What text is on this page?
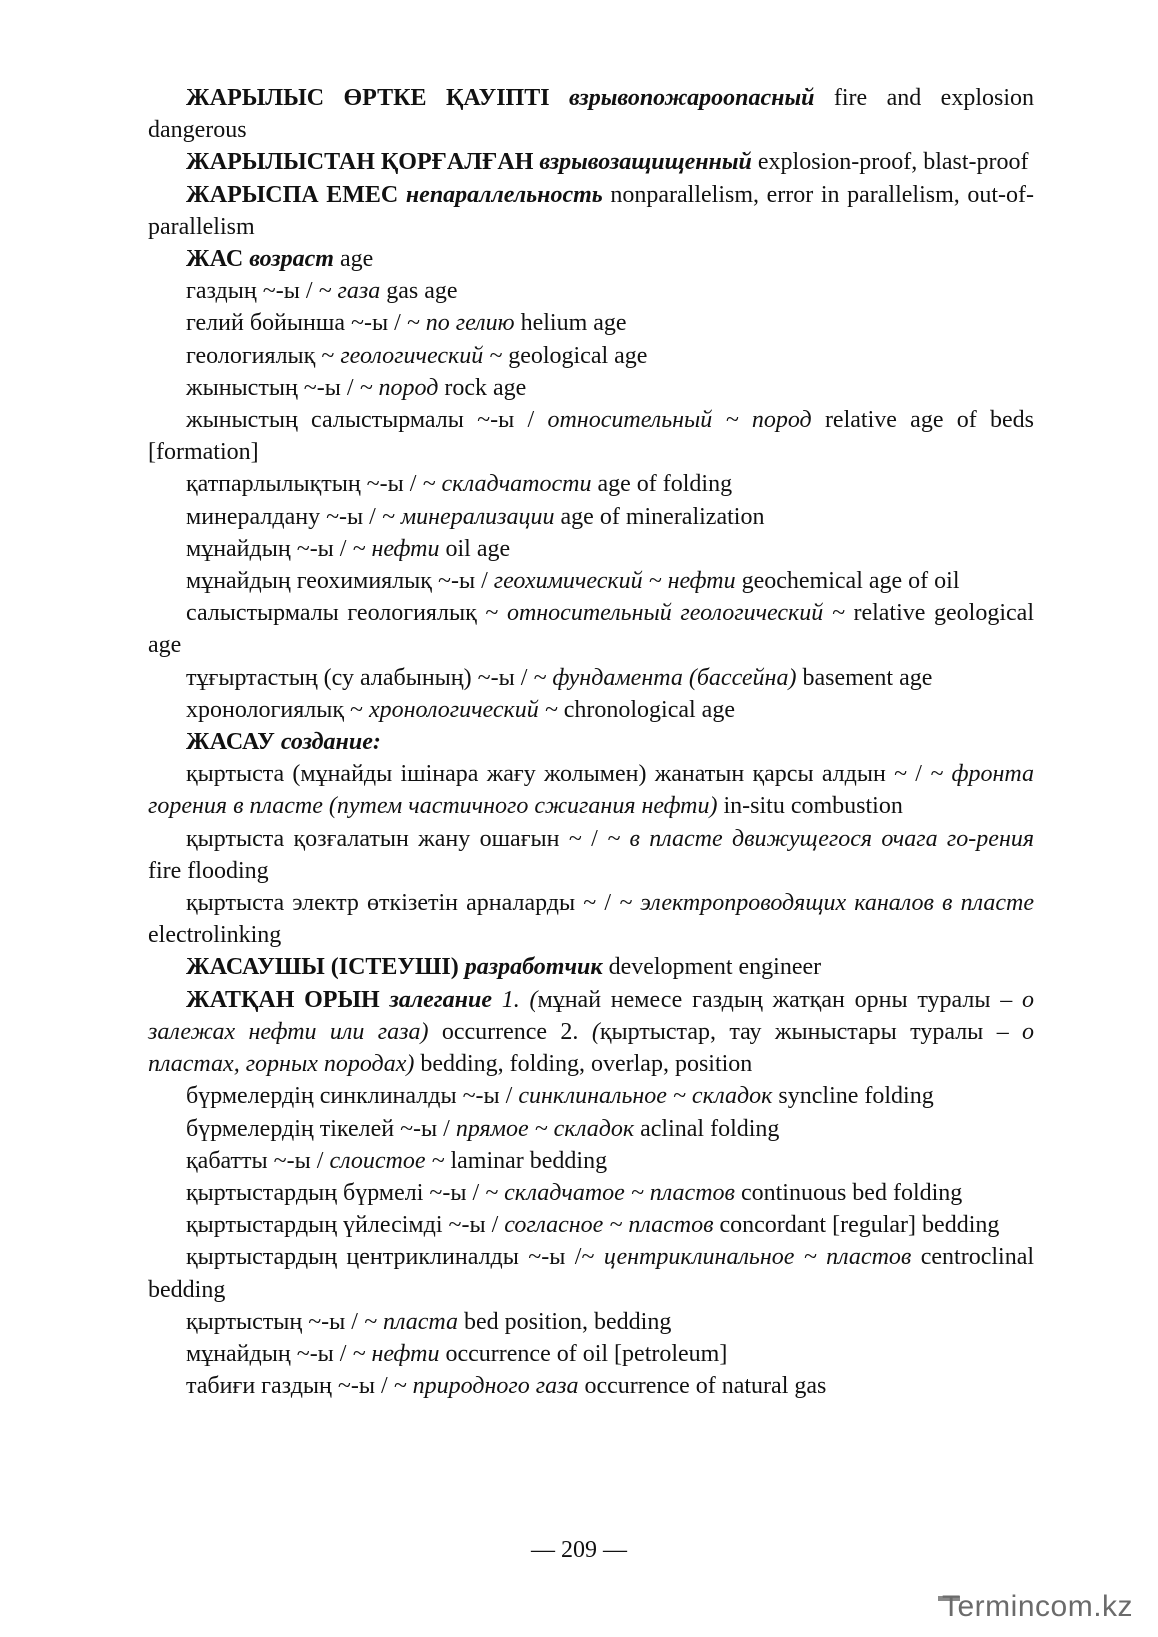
ЖАРЫЛЫС ӨРТКЕ ҚАУІПТІ взрывопожароопасный fire and explosion dangerous

ЖАРЫЛЫСТАН ҚОРҒАЛҒАН взрывозащищенный explosion-proof, blast-proof

ЖАРЫСПА ЕМЕС непараллельность nonparallelism, error in parallelism, out-of-parallelism

ЖАС возраст age

газдың ~-ы / ~ газа gas age

гелий бойынша ~-ы / ~ по гелию helium age

геологиялық ~ геологический ~ geological age

жыныстың ~-ы / ~ пород rock age

жыныстың салыстырмалы ~-ы / относительный ~ пород relative age of beds [formation]

қатпарлылықтың ~-ы / ~ складчатости age of folding

минералдану ~-ы / ~ минерализации age of mineralization

мұнайдың ~-ы / ~ нефти oil age

мұнайдың геохимиялық ~-ы / геохимический ~ нефти geochemical age of oil

салыстырмалы геологиялық ~ относительный геологический ~ relative geological age

тұғыртастың (су алабының) ~-ы / ~ фундамента (бассейна) basement age

хронологиялық ~ хронологический ~ chronological age

ЖАСАУ создание:

қыртыста (мұнайды ішінара жағу жолымен) жанатын қарсы алдын ~ / ~ фронта горения в пласте (путем частичного сжигания нефти) in-situ combustion

қыртыста қозғалатын жану ошағын ~ / ~ в пласте движущегося очага го-рения fire flooding

қыртыста электр өткізетін арналарды ~ / ~ электропроводящих каналов в пласте electrolinking

ЖАСАУШЫ (ІСТЕУШІ) разработчик development engineer

ЖАТҚАН ОРЫН залегание 1. (мұнай немесе газдың жатқан орны туралы – о залежах нефти или газа) occurrence 2. (қыртыстар, тау жыныстары туралы – о пластах, горных породах) bedding, folding, overlap, position

бүрмелердің синклиналды ~-ы / синклинальное ~ складок syncline folding

бүрмелердің тікелей ~-ы / прямое ~ складок aclinal folding

қабатты ~-ы / слоистое ~ laminar bedding

қыртыстардың бүрмелі ~-ы / ~ складчатое ~ пластов continuous bed folding

қыртыстардың үйлесімді ~-ы / согласное ~ пластов concordant [regular] bedding

қыртыстардың центриклиналды ~-ы /~ центриклинальное ~ пластов centroclinal bedding

қыртыстың ~-ы / ~ пласта bed position, bedding

мұнайдың ~-ы / ~ нефти occurrence of oil [petroleum]

табиғи газдың ~-ы / ~ природного газа occurrence of natural gas

— 209 —
Termincom.kz
